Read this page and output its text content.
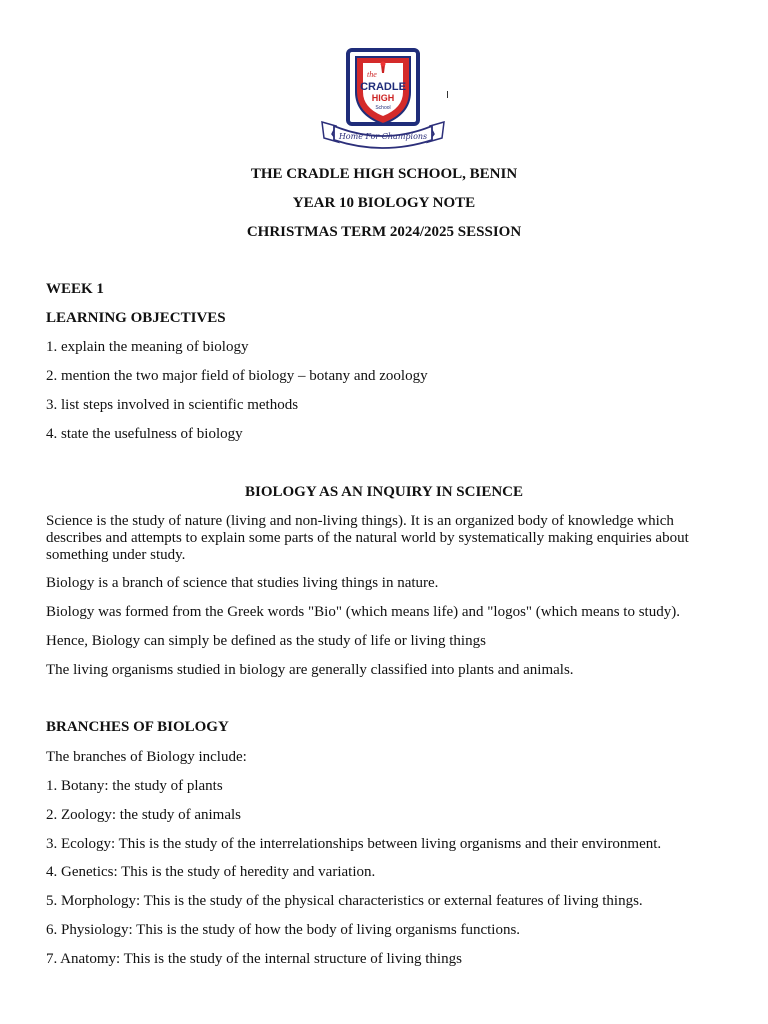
the
CRADLE
HIGH
School
Home For Champions
THE CRADLE HIGH SCHOOL, BENIN
YEAR 10 BIOLOGY NOTE
CHRISTMAS TERM 2024/2025 SESSION
WEEK 1
LEARNING OBJECTIVES
1. explain the meaning of biology
2. mention the two major field of biology – botany and zoology
3. list steps involved in scientific methods
4. state the usefulness of biology
BIOLOGY AS AN INQUIRY IN SCIENCE
Science is the study of nature (living and non-living things). It is an organized body of knowledge which describes and attempts to explain some parts of the natural world by systematically making enquiries about something under study.
Biology is a branch of science that studies living things in nature.
Biology was formed from the Greek words "Bio" (which means life) and "logos" (which means to study).
Hence, Biology can simply be defined as the study of life or living things
The living organisms studied in biology are generally classified into plants and animals.
BRANCHES OF BIOLOGY
The branches of Biology include:
1. Botany: the study of plants
2. Zoology: the study of animals
3. Ecology: This is the study of the interrelationships between living organisms and their environment.
4. Genetics: This is the study of heredity and variation.
5. Morphology: This is the study of the physical characteristics or external features of living things.
6. Physiology: This is the study of how the body of living organisms functions.
7. Anatomy: This is the study of the internal structure of living things
